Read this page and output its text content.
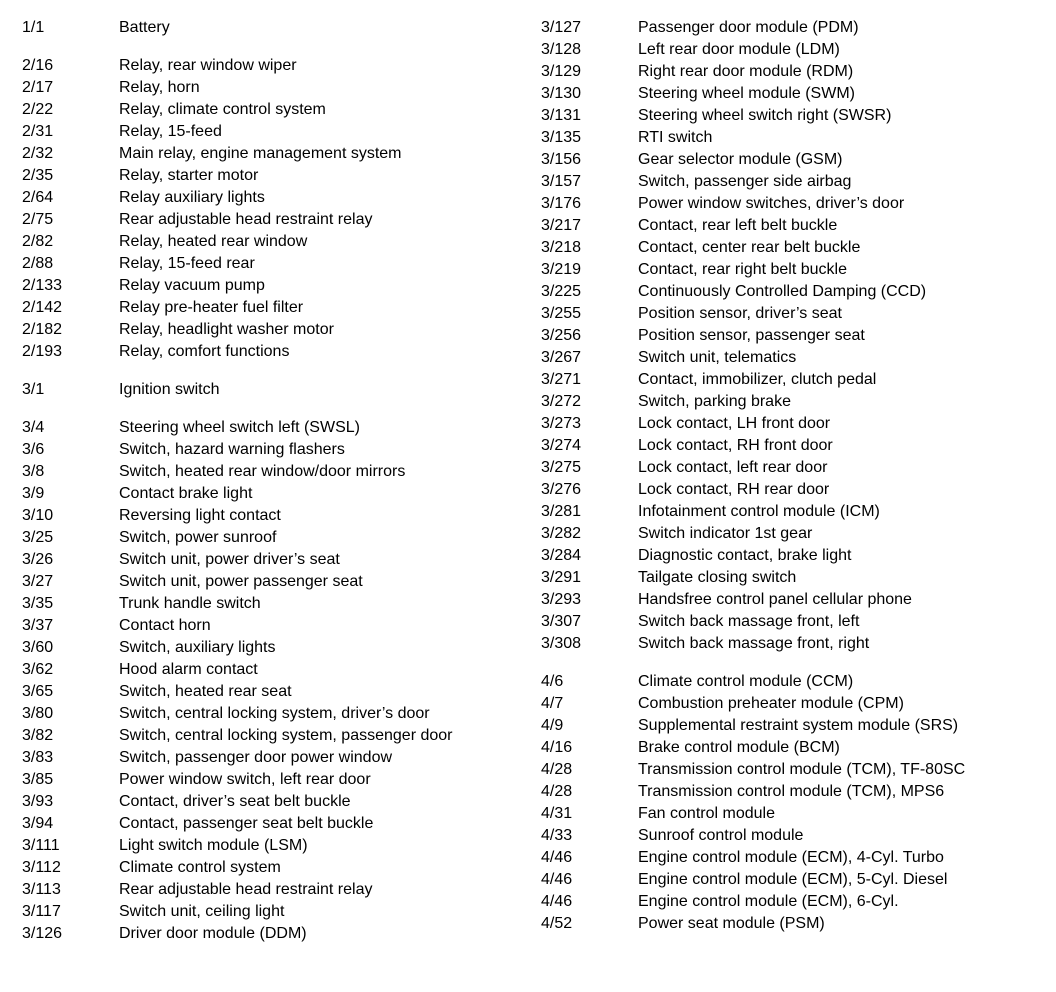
1/1	Battery
2/16	Relay, rear window wiper
2/17	Relay, horn
2/22	Relay, climate control system
2/31	Relay, 15-feed
2/32	Main relay, engine management system
2/35	Relay, starter motor
2/64	Relay auxiliary lights
2/75	Rear adjustable head restraint relay
2/82	Relay, heated rear window
2/88	Relay, 15-feed rear
2/133	Relay vacuum pump
2/142	Relay pre-heater fuel filter
2/182	Relay, headlight washer motor
2/193	Relay, comfort functions
3/1	Ignition switch
3/4	Steering wheel switch left (SWSL)
3/6	Switch, hazard warning flashers
3/8	Switch, heated rear window/door mirrors
3/9	Contact brake light
3/10	Reversing light contact
3/25	Switch, power sunroof
3/26	Switch unit, power driver’s seat
3/27	Switch unit, power passenger seat
3/35	Trunk handle switch
3/37	Contact horn
3/60	Switch, auxiliary lights
3/62	Hood alarm contact
3/65	Switch, heated rear seat
3/80	Switch, central locking system, driver’s door
3/82	Switch, central locking system, passenger door
3/83	Switch, passenger door power window
3/85	Power window switch, left rear door
3/93	Contact, driver’s seat belt buckle
3/94	Contact, passenger seat belt buckle
3/111	Light switch module (LSM)
3/112	Climate control system
3/113	Rear adjustable head restraint relay
3/117	Switch unit, ceiling light
3/126	Driver door module (DDM)
3/127	Passenger door module (PDM)
3/128	Left rear door module (LDM)
3/129	Right rear door module (RDM)
3/130	Steering wheel module (SWM)
3/131	Steering wheel switch right (SWSR)
3/135	RTI switch
3/156	Gear selector module (GSM)
3/157	Switch, passenger side airbag
3/176	Power window switches, driver’s door
3/217	Contact, rear left belt buckle
3/218	Contact, center rear belt buckle
3/219	Contact, rear right belt buckle
3/225	Continuously Controlled Damping (CCD)
3/255	Position sensor, driver’s seat
3/256	Position sensor, passenger seat
3/267	Switch unit, telematics
3/271	Contact, immobilizer, clutch pedal
3/272	Switch, parking brake
3/273	Lock contact, LH front door
3/274	Lock contact, RH front door
3/275	Lock contact, left rear door
3/276	Lock contact, RH rear door
3/281	Infotainment control module (ICM)
3/282	Switch indicator 1st gear
3/284	Diagnostic contact, brake light
3/291	Tailgate closing switch
3/293	Handsfree control panel cellular phone
3/307	Switch back massage front, left
3/308	Switch back massage front, right
4/6	Climate control module (CCM)
4/7	Combustion preheater module (CPM)
4/9	Supplemental restraint system module (SRS)
4/16	Brake control module (BCM)
4/28	Transmission control module (TCM), TF-80SC
4/28	Transmission control module (TCM), MPS6
4/31	Fan control module
4/33	Sunroof control module
4/46	Engine control module (ECM), 4-Cyl. Turbo
4/46	Engine control module (ECM), 5-Cyl. Diesel
4/46	Engine control module (ECM), 6-Cyl.
4/52	Power seat module (PSM)
